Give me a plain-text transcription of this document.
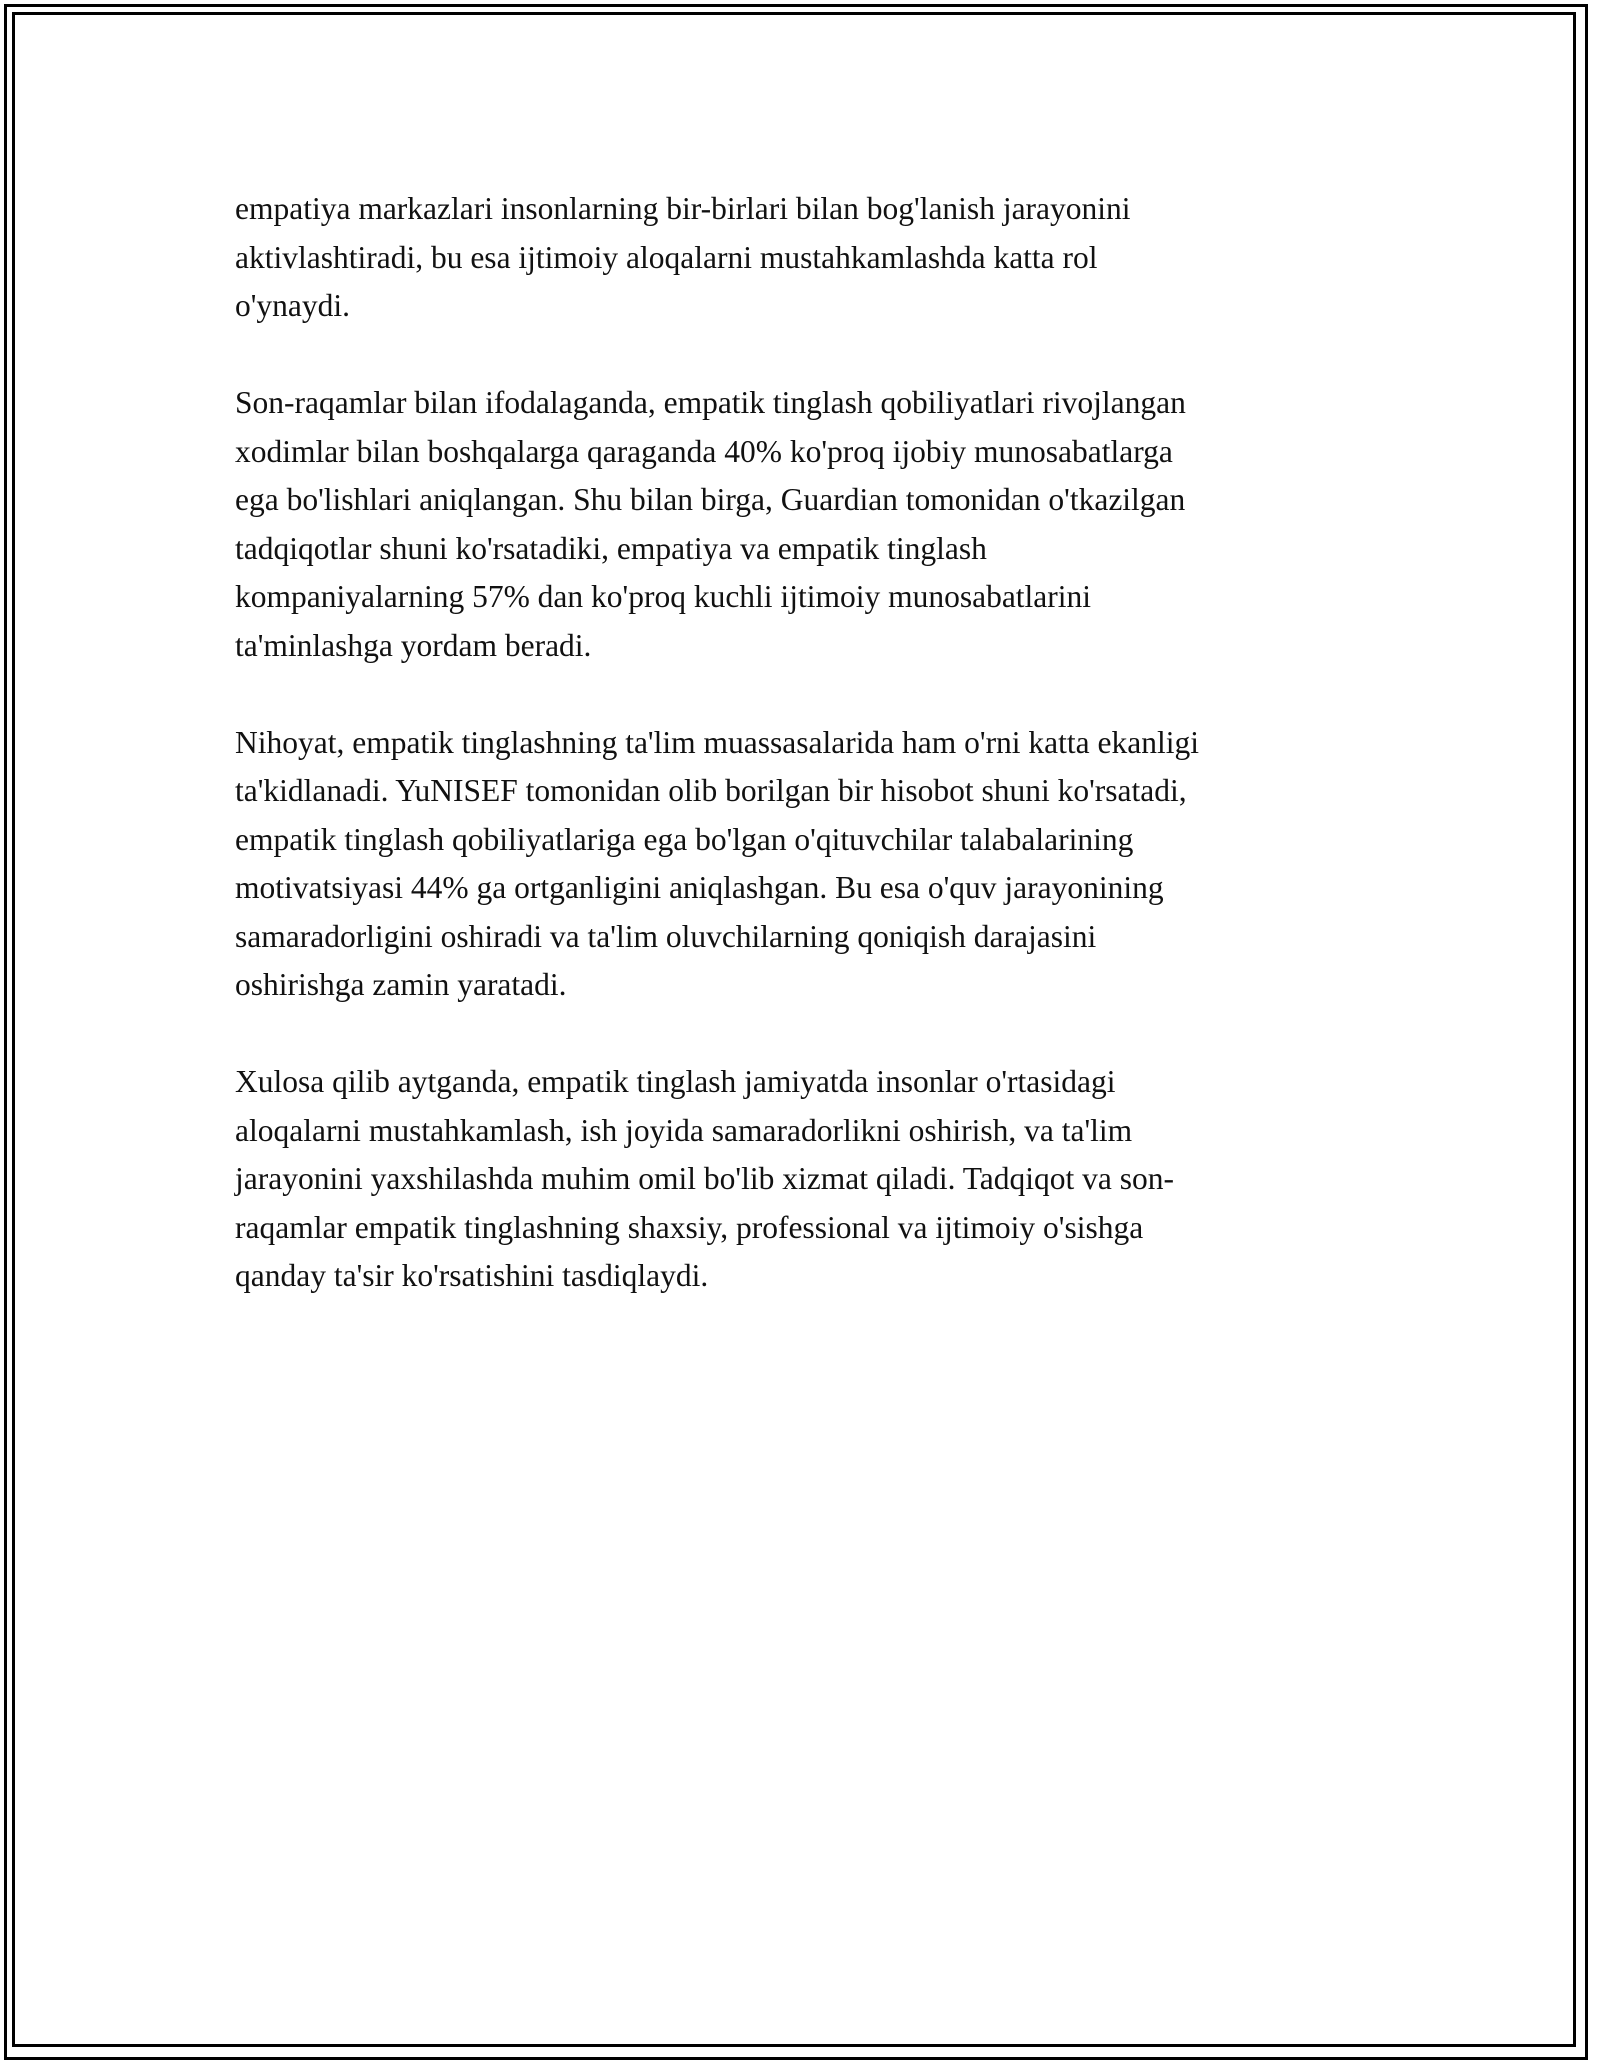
empatiya markazlari insonlarning bir-birlari bilan bog'lanish jarayonini
aktivlashtiradi, bu esa ijtimoiy aloqalarni mustahkamlashda katta rol
o'ynaydi.

Son-raqamlar bilan ifodalaganda, empatik tinglash qobiliyatlari rivojlangan
xodimlar bilan boshqalarga qaraganda 40% ko'proq ijobiy munosabatlarga
ega bo'lishlari aniqlangan. Shu bilan birga, Guardian tomonidan o'tkazilgan
tadqiqotlar shuni ko'rsatadiki, empatiya va empatik tinglash
kompaniyalarning 57% dan ko'proq kuchli ijtimoiy munosabatlarini
ta'minlashga yordam beradi.

Nihoyat, empatik tinglashning ta'lim muassasalarida ham o'rni katta ekanligi
ta'kidlanadi. YuNISEF tomonidan olib borilgan bir hisobot shuni ko'rsatadi,
empatik tinglash qobiliyatlariga ega bo'lgan o'qituvchilar talabalarining
motivatsiyasi 44% ga ortganligini aniqlashgan. Bu esa o'quv jarayonining
samaradorligini oshiradi va ta'lim oluvchilarning qoniqish darajasini
oshirishga zamin yaratadi.

Xulosa qilib aytganda, empatik tinglash jamiyatda insonlar o'rtasidagi
aloqalarni mustahkamlash, ish joyida samaradorlikni oshirish, va ta'lim
jarayonini yaxshilashda muhim omil bo'lib xizmat qiladi. Tadqiqot va son-
raqamlar empatik tinglashning shaxsiy, professional va ijtimoiy o'sishga
qanday ta'sir ko'rsatishini tasdiqlaydi.
